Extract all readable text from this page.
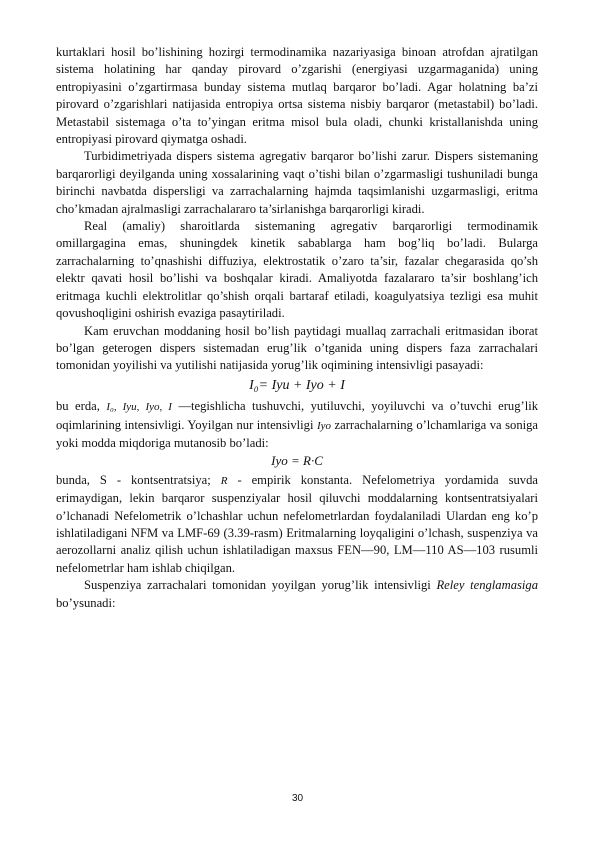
kurtaklari hosil bo’lishining hozirgi termodinamika nazariyasiga binoan atrofdan ajratilgan sistema holatining har qanday pirovard o’zgarishi (energiyasi uzgarmaganida) uning entropiyasini o’zgartirmasa bunday sistema mutlaq barqaror bo’ladi. Agar holatning ba’zi pirovard o’zgarishlari natijasida entropiya ortsa sistema nisbiy barqaror (metastabil) bo’ladi. Metastabil sistemaga o’ta to’yingan eritma misol bula oladi, chunki kristallanishda uning entropiyasi pirovard qiymatga oshadi.

Turbidimetriyada dispers sistema agregativ barqaror bo’lishi zarur. Dispers sistemaning barqarorligi deyilganda uning xossalarining vaqt o’tishi bilan o’zgarmasligi tushuniladi bunga birinchi navbatda dispersligi va zarrachalarning hajmda taqsimlanishi uzgarmasligi, eritma cho’kmadan ajralmasligi zarrachalararo ta’sirlanishga barqarorligi kiradi.

Real (amaliy) sharoitlarda sistemaning agregativ barqarorligi termodinamik omillargagina emas, shuningdek kinetik sabablarga ham bog’liq bo’ladi. Bularga zarrachalarning to’qnashishi diffuziya, elektrostatik o’zaro ta’sir, fazalar chegarasida qo’sh elektr qavati hosil bo’lishi va boshqalar kiradi. Amaliyotda fazalararo ta’sir boshlang’ich eritmaga kuchli elektrolitlar qo’shish orqali bartaraf etiladi, koagulyatsiya tezligi esa muhit qovushoqligini oshirish evaziga pasaytiriladi.

Kam eruvchan moddaning hosil bo’lish paytidagi muallaq zarrachali eritmasidan iborat bo’lgan geterogen dispers sistemadan erug’lik o’tganida uning dispers faza zarrachalari tomonidan yoyilishi va yutilishi natijasida yorug’lik oqimining intensivligi pasayadi:

I₀= Iyu + Iyo + I

bu erda, I₀, Iyu, Iyo, I —tegishlicha tushuvchi, yutiluvchi, yoyiluvchi va o’tuvchi erug’lik oqimlarining intensivligi. Yoyilgan nur intensivligi Iyo zarrachalarning o’lchamlariga va soniga yoki modda miqdoriga mutanosib bo’ladi:

Iyo = R·C

bunda, S - kontsentratsiya; R - empirik konstanta. Nefelometriya yordamida suvda erimaydigan, lekin barqaror suspenziyalar hosil qiluvchi moddalarning kontsentratsiyalari o’lchanadi Nefelometrik o’lchashlar uchun nefelometrlardan foydalaniladi Ulardan eng ko’p ishlatiladigani NFM va LMF-69 (3.39-rasm) Eritmalarning loyqaligini o’lchash, suspenziya va aerozollarni analiz qilish uchun ishlatiladigan maxsus FEN—90, LM—110 AS—103 rusumli nefelometrlar ham ishlab chiqilgan.

Suspenziya zarrachalari tomonidan yoyilgan yorug’lik intensivligi Reley tenglamasiga bo’ysunadi:

30
